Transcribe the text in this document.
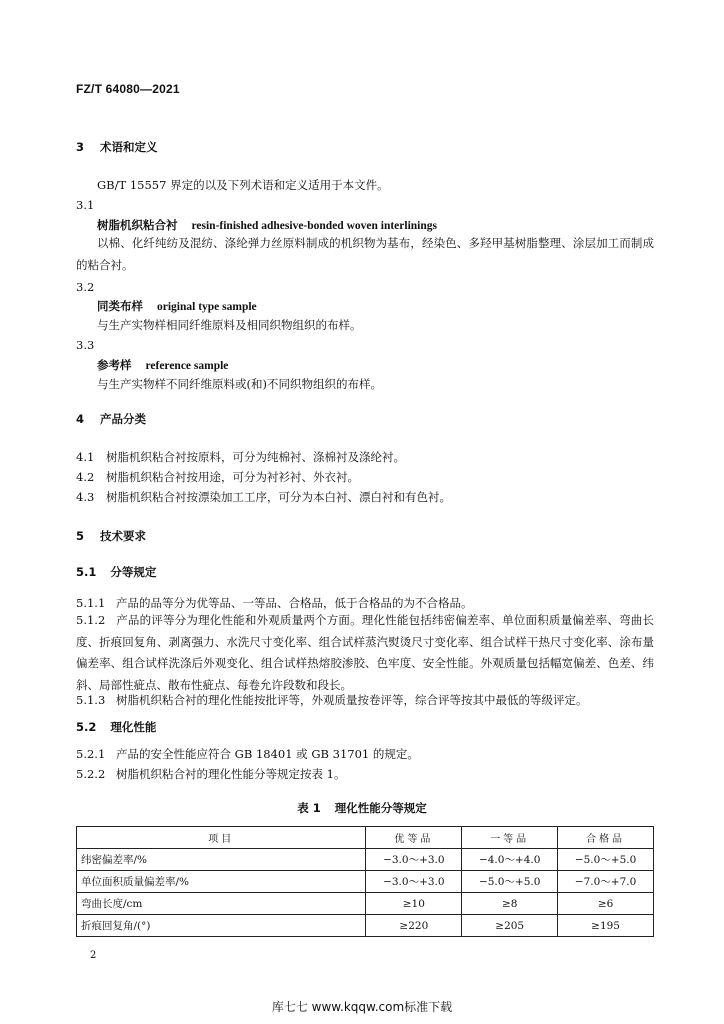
FZ/T 64080—2021
3 术语和定义
GB/T 15557 界定的以及下列术语和定义适用于本文件。
3.1
树脂机织粘合衬 resin-finished adhesive-bonded woven interlinings
以棉、化纤纯纺及混纺、涤纶弹力丝原料制成的机织物为基布，经染色、多羟甲基树脂整理、涂层加工而制成的粘合衬。
3.2
同类布样 original type sample
与生产实物样相同纤维原料及相同织物组织的布样。
3.3
参考样 reference sample
与生产实物样不同纤维原料或(和)不同织物组织的布样。
4 产品分类
4.1 树脂机织粘合衬按原料，可分为纯棉衬、涤棉衬及涤纶衬。
4.2 树脂机织粘合衬按用途，可分为衬衫衬、外衣衬。
4.3 树脂机织粘合衬按漂染加工工序，可分为本白衬、漂白衬和有色衬。
5 技术要求
5.1 分等规定
5.1.1 产品的品等分为优等品、一等品、合格品，低于合格品的为不合格品。
5.1.2 产品的评等分为理化性能和外观质量两个方面。理化性能包括纬密偏差率、单位面积质量偏差率、弯曲长度、折痕回复角、剥离强力、水洗尺寸变化率、组合试样蒸汽熨烫尺寸变化率、组合试样干热尺寸变化率、涂布量偏差率、组合试样洗涤后外观变化、组合试样热熔胶渗胶、色牢度、安全性能。外观质量包括幅宽偏差、色差、纬斜、局部性疵点、散布性疵点、每卷允许段数和段长。
5.1.3 树脂机织粘合衬的理化性能按批评等，外观质量按卷评等，综合评等按其中最低的等级评定。
5.2 理化性能
5.2.1 产品的安全性能应符合 GB 18401 或 GB 31701 的规定。
5.2.2 树脂机织粘合衬的理化性能分等规定按表 1。
表 1 理化性能分等规定
项目	优等品	一等品	合格品
纬密偏差率/%	−3.0～+3.0	−4.0～+4.0	−5.0～+5.0
单位面积质量偏差率/%	−3.0～+3.0	−5.0～+5.0	−7.0～+7.0
弯曲长度/cm	≥10	≥8	≥6
折痕回复角/(°)	≥220	≥205	≥195
2
库七七 www.kqqw.com标准下载
